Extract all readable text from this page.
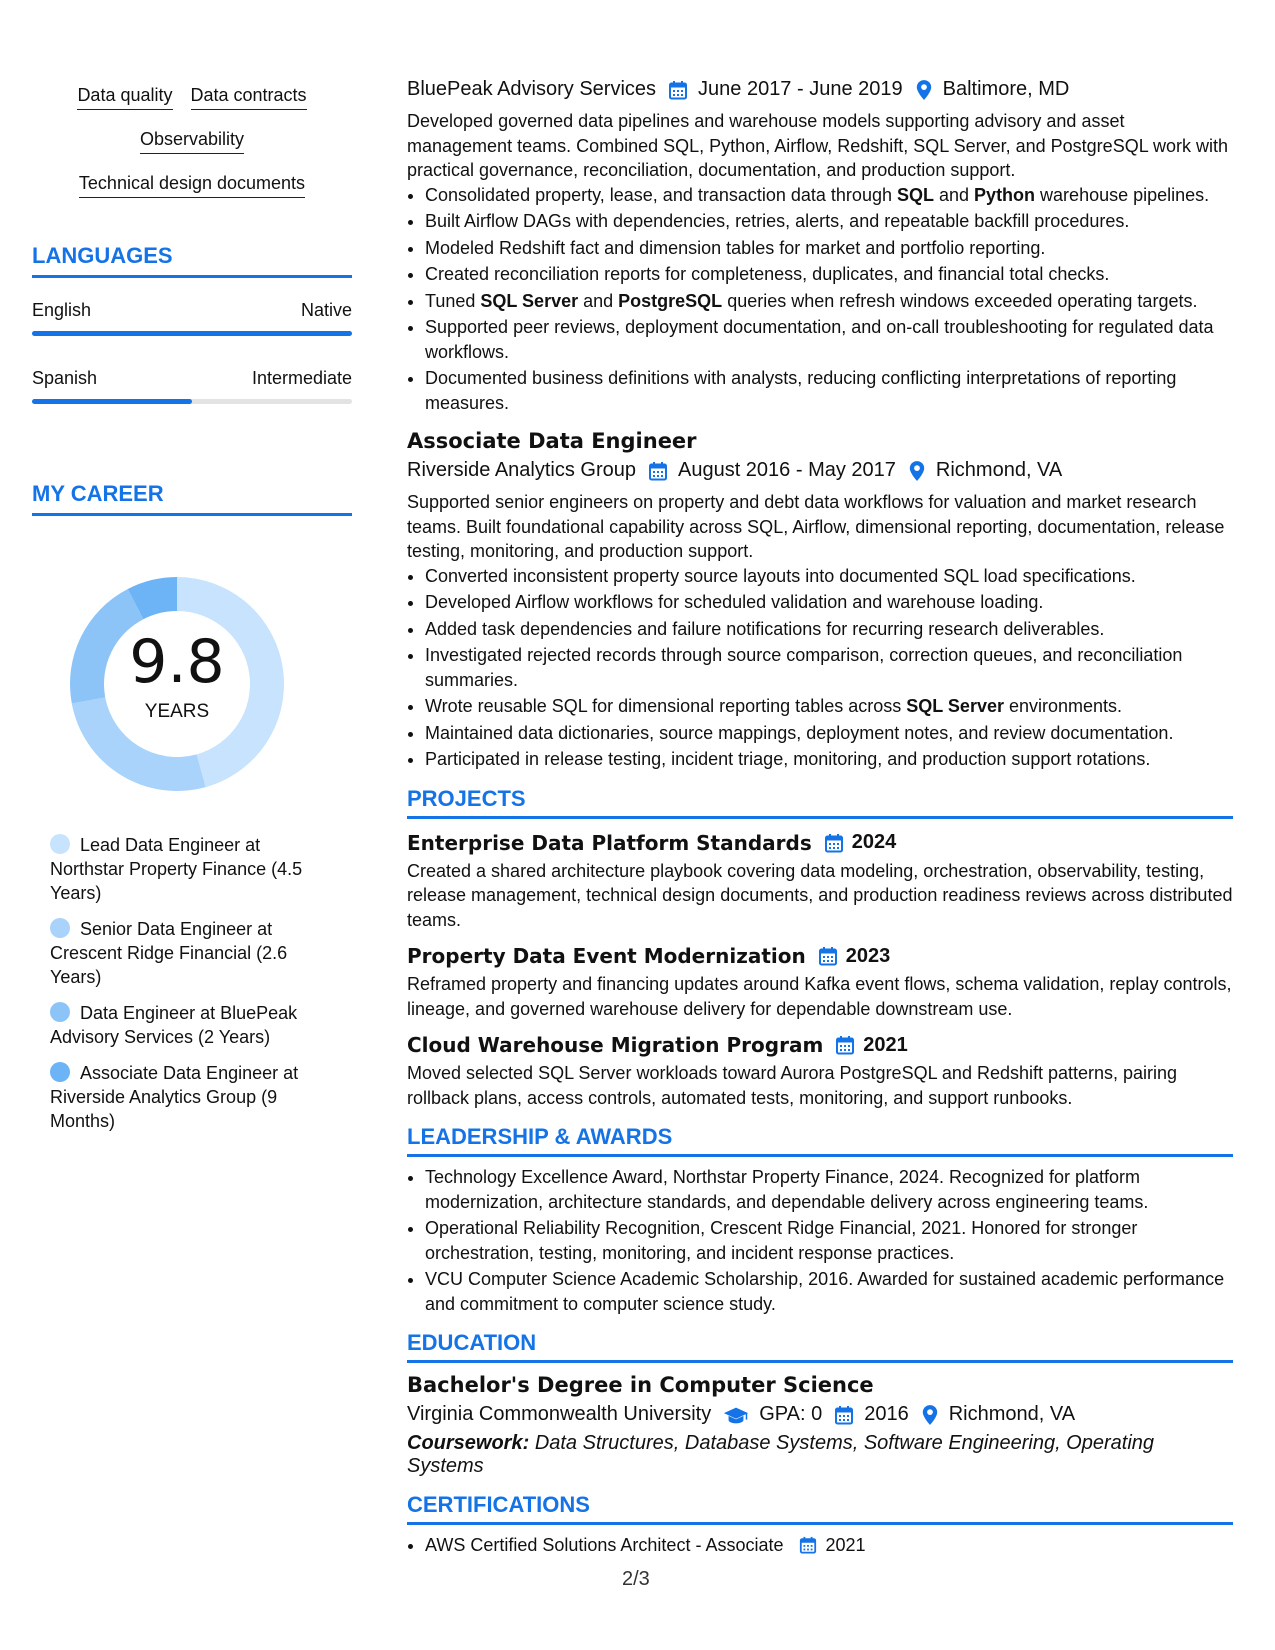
Data quality Data contracts
Observability
Technical design documents
LANGUAGES
English	Native
Spanish	Intermediate
MY CAREER
9.8
YEARS
Lead Data Engineer at Northstar Property Finance (4.5 Years)
Senior Data Engineer at Crescent Ridge Financial (2.6 Years)
Data Engineer at BluePeak Advisory Services (2 Years)
Associate Data Engineer at Riverside Analytics Group (9 Months)
BluePeak Advisory Services June 2017 - June 2019 Baltimore, MD
Developed governed data pipelines and warehouse models supporting advisory and asset management teams. Combined SQL, Python, Airflow, Redshift, SQL Server, and PostgreSQL work with practical governance, reconciliation, documentation, and production support.
• Consolidated property, lease, and transaction data through SQL and Python warehouse pipelines.
• Built Airflow DAGs with dependencies, retries, alerts, and repeatable backfill procedures.
• Modeled Redshift fact and dimension tables for market and portfolio reporting.
• Created reconciliation reports for completeness, duplicates, and financial total checks.
• Tuned SQL Server and PostgreSQL queries when refresh windows exceeded operating targets.
• Supported peer reviews, deployment documentation, and on-call troubleshooting for regulated data workflows.
• Documented business definitions with analysts, reducing conflicting interpretations of reporting measures.
Associate Data Engineer
Riverside Analytics Group August 2016 - May 2017 Richmond, VA
Supported senior engineers on property and debt data workflows for valuation and market research teams. Built foundational capability across SQL, Airflow, dimensional reporting, documentation, release testing, monitoring, and production support.
• Converted inconsistent property source layouts into documented SQL load specifications.
• Developed Airflow workflows for scheduled validation and warehouse loading.
• Added task dependencies and failure notifications for recurring research deliverables.
• Investigated rejected records through source comparison, correction queues, and reconciliation summaries.
• Wrote reusable SQL for dimensional reporting tables across SQL Server environments.
• Maintained data dictionaries, source mappings, deployment notes, and review documentation.
• Participated in release testing, incident triage, monitoring, and production support rotations.
PROJECTS
Enterprise Data Platform Standards 2024
Created a shared architecture playbook covering data modeling, orchestration, observability, testing, release management, technical design documents, and production readiness reviews across distributed teams.
Property Data Event Modernization 2023
Reframed property and financing updates around Kafka event flows, schema validation, replay controls, lineage, and governed warehouse delivery for dependable downstream use.
Cloud Warehouse Migration Program 2021
Moved selected SQL Server workloads toward Aurora PostgreSQL and Redshift patterns, pairing rollback plans, access controls, automated tests, monitoring, and support runbooks.
LEADERSHIP & AWARDS
• Technology Excellence Award, Northstar Property Finance, 2024. Recognized for platform modernization, architecture standards, and dependable delivery across engineering teams.
• Operational Reliability Recognition, Crescent Ridge Financial, 2021. Honored for stronger orchestration, testing, monitoring, and incident response practices.
• VCU Computer Science Academic Scholarship, 2016. Awarded for sustained academic performance and commitment to computer science study.
EDUCATION
Bachelor's Degree in Computer Science
Virginia Commonwealth University GPA: 0 2016 Richmond, VA
Coursework: Data Structures, Database Systems, Software Engineering, Operating Systems
CERTIFICATIONS
• AWS Certified Solutions Architect - Associate 2021
2/3
